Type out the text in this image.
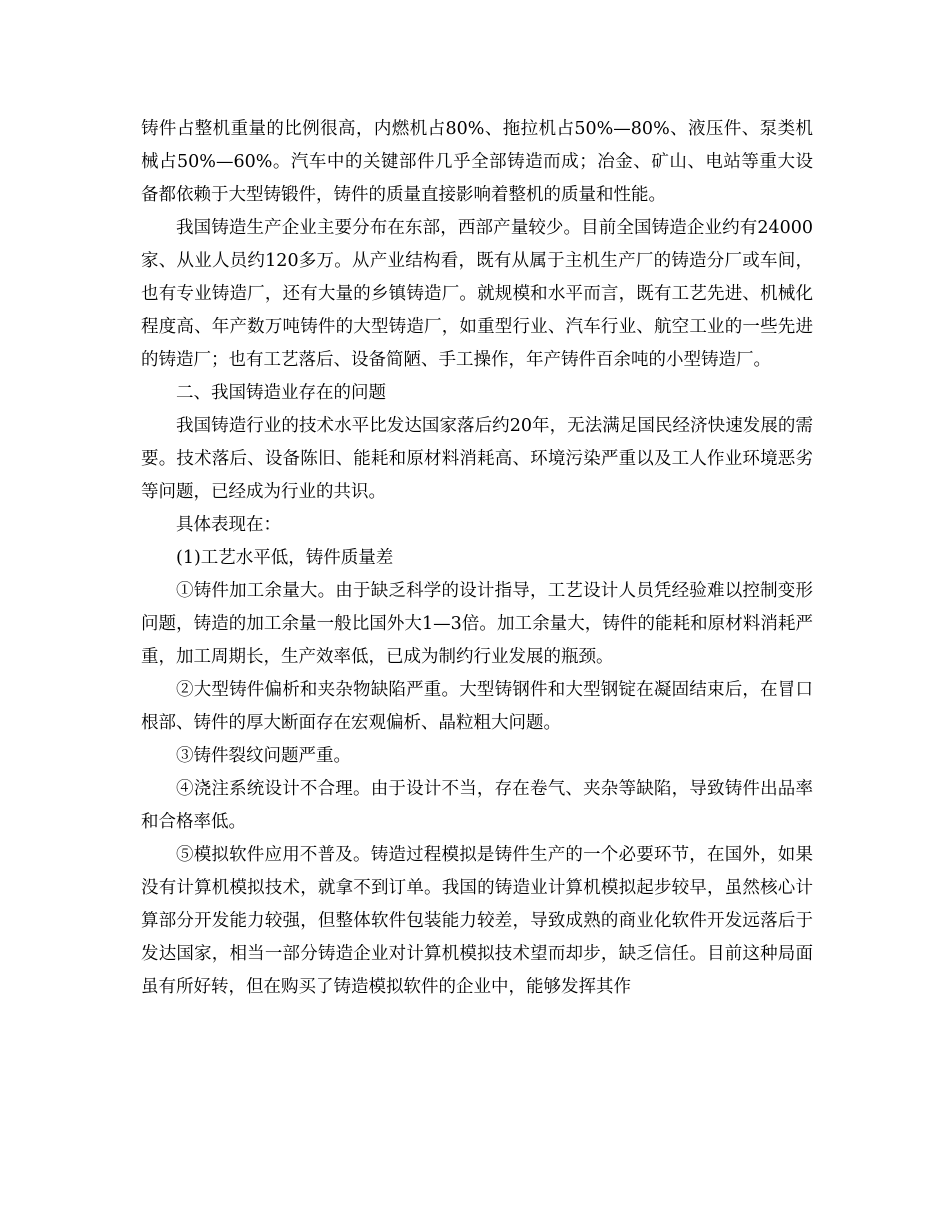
铸件占整机重量的比例很高，内燃机占80%、拖拉机占50%—80%、液压件、泵类机械占50%—60%。汽车中的关键部件几乎全部铸造而成；冶金、矿山、电站等重大设备都依赖于大型铸锻件，铸件的质量直接影响着整机的质量和性能。

我国铸造生产企业主要分布在东部，西部产量较少。目前全国铸造企业约有24000家、从业人员约120多万。从产业结构看，既有从属于主机生产厂的铸造分厂或车间，也有专业铸造厂，还有大量的乡镇铸造厂。就规模和水平而言，既有工艺先进、机械化程度高、年产数万吨铸件的大型铸造厂，如重型行业、汽车行业、航空工业的一些先进的铸造厂；也有工艺落后、设备简陋、手工操作，年产铸件百余吨的小型铸造厂。

二、我国铸造业存在的问题

我国铸造行业的技术水平比发达国家落后约20年，无法满足国民经济快速发展的需要。技术落后、设备陈旧、能耗和原材料消耗高、环境污染严重以及工人作业环境恶劣等问题，已经成为行业的共识。

具体表现在：

(1)工艺水平低，铸件质量差

①铸件加工余量大。由于缺乏科学的设计指导，工艺设计人员凭经验难以控制变形问题，铸造的加工余量一般比国外大1—3倍。加工余量大，铸件的能耗和原材料消耗严重，加工周期长，生产效率低，已成为制约行业发展的瓶颈。

②大型铸件偏析和夹杂物缺陷严重。大型铸钢件和大型钢锭在凝固结束后，在冒口根部、铸件的厚大断面存在宏观偏析、晶粒粗大问题。

③铸件裂纹问题严重。

④浇注系统设计不合理。由于设计不当，存在卷气、夹杂等缺陷，导致铸件出品率和合格率低。

⑤模拟软件应用不普及。铸造过程模拟是铸件生产的一个必要环节，在国外，如果没有计算机模拟技术，就拿不到订单。我国的铸造业计算机模拟起步较早，虽然核心计算部分开发能力较强，但整体软件包装能力较差，导致成熟的商业化软件开发远落后于发达国家，相当一部分铸造企业对计算机模拟技术望而却步，缺乏信任。目前这种局面虽有所好转，但在购买了铸造模拟软件的企业中，能够发挥其作
